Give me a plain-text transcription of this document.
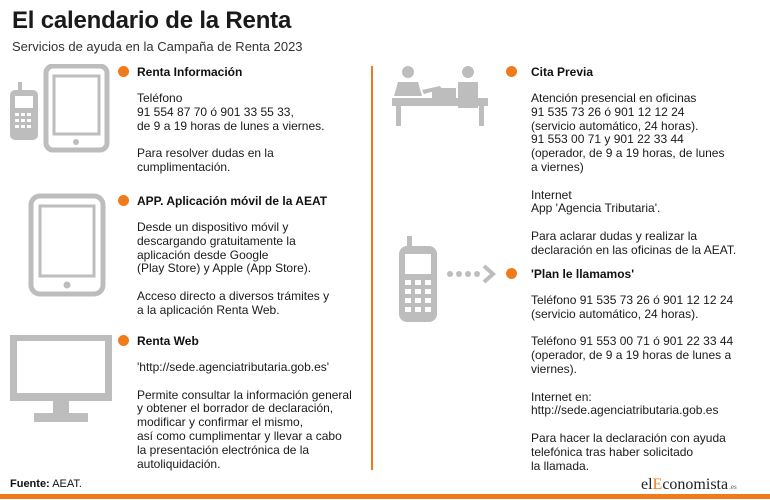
El calendario de la Renta
Servicios de ayuda en la Campaña de Renta 2023
Renta Información
Teléfono
91 554 87 70 ó 901 33 55 33,
de 9 a 19 horas de lunes a viernes.

Para resolver dudas en la
cumplimentación.
APP. Aplicación móvil de la AEAT
Desde un dispositivo móvil y
descargando gratuitamente la
aplicación desde Google
(Play Store) y Apple (App Store).

Acceso directo a diversos trámites y
a la aplicación Renta Web.
Renta Web
'http://sede.agenciatributaria.gob.es'

Permite consultar la información general
y obtener el borrador de declaración,
modificar y confirmar el mismo,
así como cumplimentar y llevar a cabo
la presentación electrónica de la
autoliquidación.
Cita Previa
Atención presencial en oficinas
91 535 73 26 ó 901 12 12 24
(servicio automático, 24 horas).
91 553 00 71 y 901 22 33 44
(operador, de 9 a 19 horas, de lunes
a viernes)

Internet
App 'Agencia Tributaria'.

Para aclarar dudas y realizar la
declaración en las oficinas de la AEAT.
'Plan le llamamos'
Teléfono 91 535 73 26 ó 901 12 12 24
(servicio automático, 24 horas).

Teléfono 91 553 00 71 ó 901 22 33 44
(operador, de 9 a 19 horas de lunes a
viernes).

Internet en:
http://sede.agenciatributaria.gob.es

Para hacer la declaración con ayuda
telefónica tras haber solicitado
la llamada.
Fuente: AEAT.	elEconomista.es
